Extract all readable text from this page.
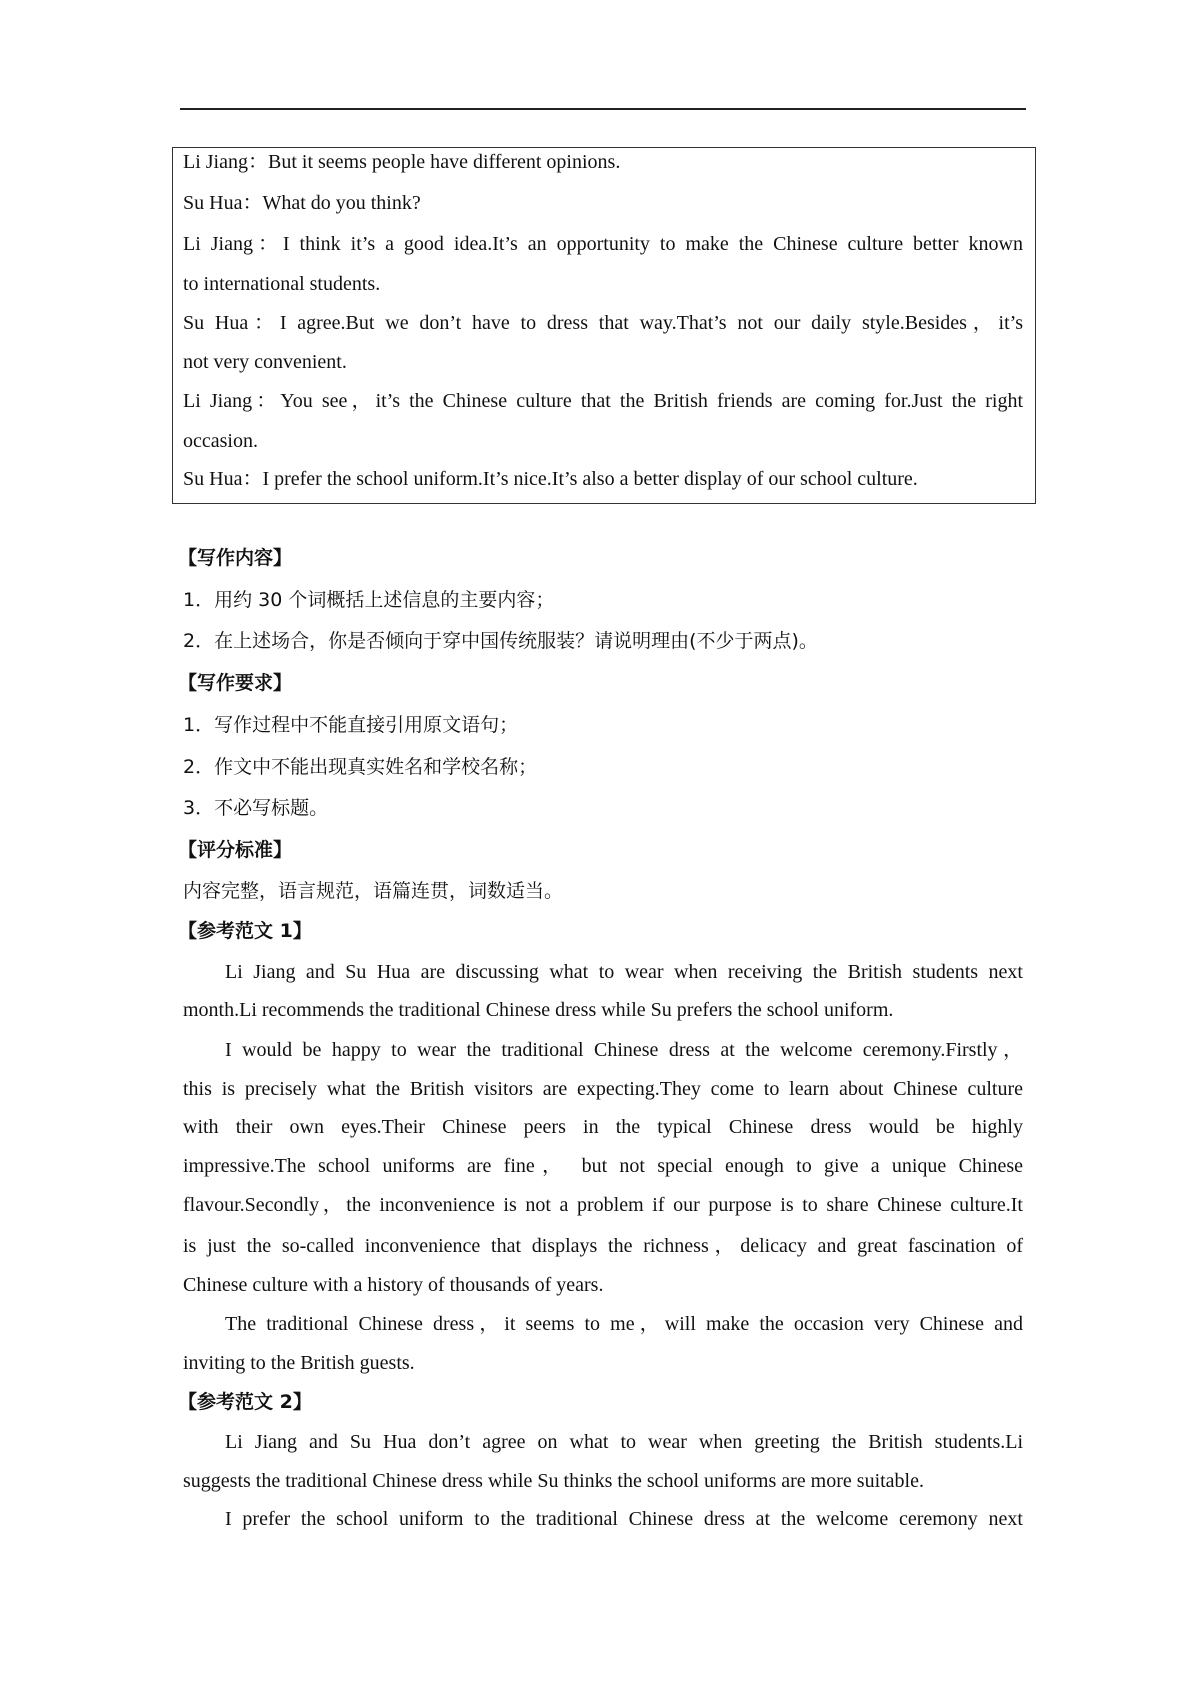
Li Jiang：But it seems people have different opinions.
Su Hua：What do you think?
Li Jiang：I think it’s a good idea.It’s an opportunity to make the Chinese culture better known
to international students.
Su Hua：I agree.But we don’t have to dress that way.That’s not our daily style.Besides，it’s
not very convenient.
Li Jiang：You see，it’s the Chinese culture that the British friends are coming for.Just the right
occasion.
Su Hua：I prefer the school uniform.It’s nice.It’s also a better display of our school culture.
【写作内容】
1．用约 30 个词概括上述信息的主要内容；
2．在上述场合，你是否倾向于穿中国传统服装？请说明理由(不少于两点)。
【写作要求】
1．写作过程中不能直接引用原文语句；
2．作文中不能出现真实姓名和学校名称；
3．不必写标题。
【评分标准】
内容完整，语言规范，语篇连贯，词数适当。
【参考范文 1】
Li Jiang and Su Hua are discussing what to wear when receiving the British students next
month.Li recommends the traditional Chinese dress while Su prefers the school uniform.
I would be happy to wear the traditional Chinese dress at the welcome ceremony.Firstly，
this is precisely what the British visitors are expecting.They come to learn about Chinese culture
with their own eyes.Their Chinese peers in the typical Chinese dress would be highly
impressive.The school uniforms are fine， but not special enough to give a unique Chinese
flavour.Secondly，the inconvenience is not a problem if our purpose is to share Chinese culture.It
is just the so-called inconvenience that displays the richness，delicacy and great fascination of
Chinese culture with a history of thousands of years.
The traditional Chinese dress，it seems to me，will make the occasion very Chinese and
inviting to the British guests.
【参考范文 2】
Li Jiang and Su Hua don’t agree on what to wear when greeting the British students.Li
suggests the traditional Chinese dress while Su thinks the school uniforms are more suitable.
I prefer the school uniform to the traditional Chinese dress at the welcome ceremony next
